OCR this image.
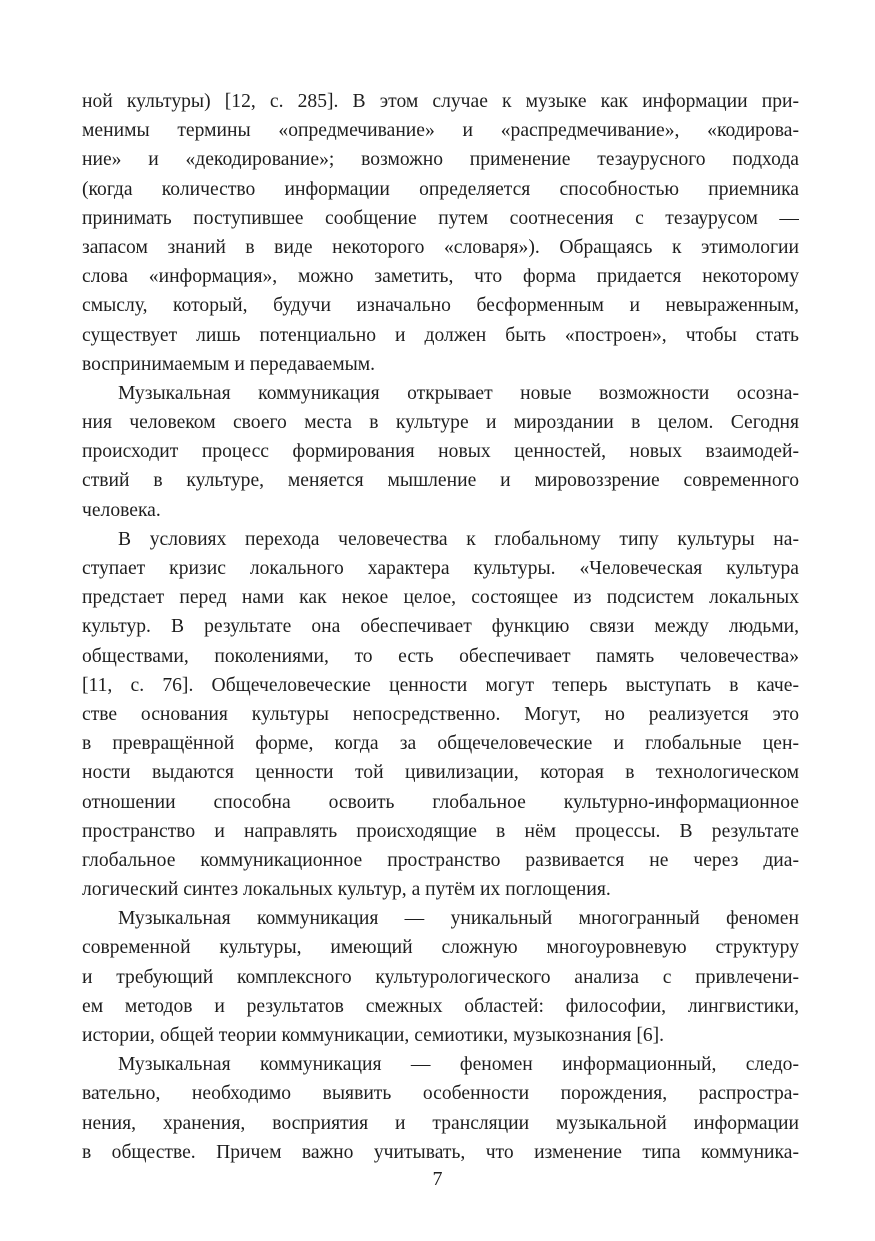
ной культуры) [12, с. 285]. В этом случае к музыке как информации при-
менимы термины «опредмечивание» и «распредмечивание», «кодирова-
ние» и «декодирование»; возможно применение тезаурусного подхода
(когда количество информации определяется способностью приемника
принимать поступившее сообщение путем соотнесения с тезаурусом —
запасом знаний в виде некоторого «словаря»). Обращаясь к этимологии
слова «информация», можно заметить, что форма придается некоторому
смыслу, который, будучи изначально бесформенным и невыраженным,
существует лишь потенциально и должен быть «построен», чтобы стать
воспринимаемым и передаваемым.
Музыкальная коммуникация открывает новые возможности осозна-
ния человеком своего места в культуре и мироздании в целом. Сегодня
происходит процесс формирования новых ценностей, новых взаимодей-
ствий в культуре, меняется мышление и мировоззрение современного
человека.
В условиях перехода человечества к глобальному типу культуры на-
ступает кризис локального характера культуры. «Человеческая культура
предстает перед нами как некое целое, состоящее из подсистем локальных
культур. В результате она обеспечивает функцию связи между людьми,
обществами, поколениями, то есть обеспечивает память человечества»
[11, с. 76]. Общечеловеческие ценности могут теперь выступать в каче-
стве основания культуры непосредственно. Могут, но реализуется это
в превращённой форме, когда за общечеловеческие и глобальные цен-
ности выдаются ценности той цивилизации, которая в технологическом
отношении способна освоить глобальное культурно-информационное
пространство и направлять происходящие в нём процессы. В результате
глобальное коммуникационное пространство развивается не через диа-
логический синтез локальных культур, а путём их поглощения.
Музыкальная коммуникация — уникальный многогранный феномен
современной культуры, имеющий сложную многоуровневую структуру
и требующий комплексного культурологического анализа с привлечени-
ем методов и результатов смежных областей: философии, лингвистики,
истории, общей теории коммуникации, семиотики, музыкознания [6].
Музыкальная коммуникация — феномен информационный, следо-
вательно, необходимо выявить особенности порождения, распростра-
нения, хранения, восприятия и трансляции музыкальной информации
в обществе. Причем важно учитывать, что изменение типа коммуника-
7
